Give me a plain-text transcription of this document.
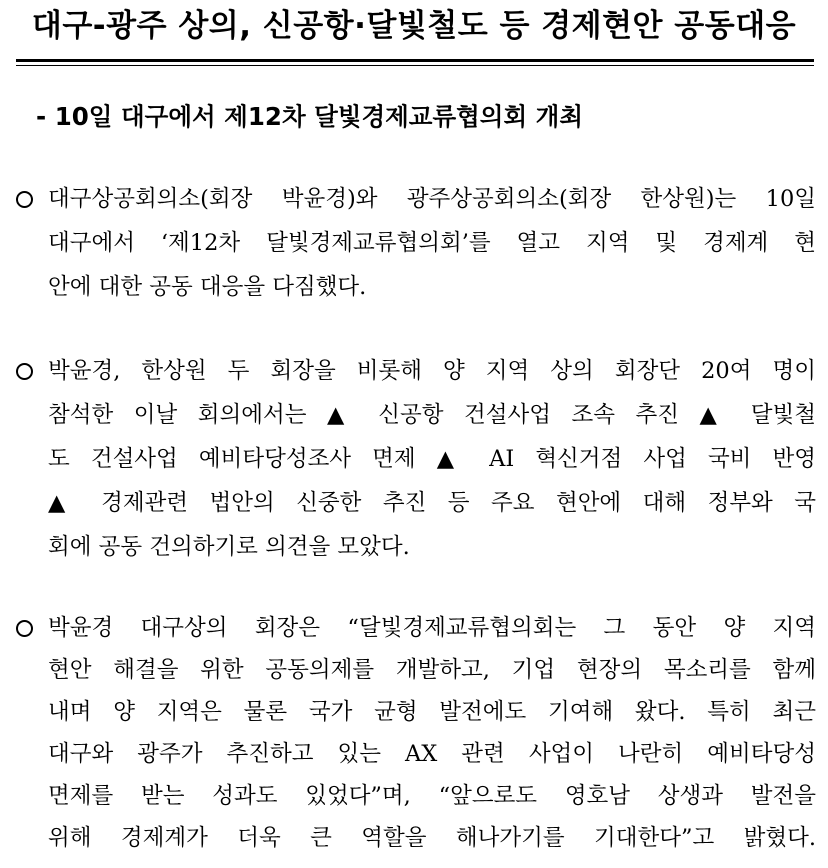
대구-광주 상의, 신공항·달빛철도 등 경제현안 공동대응
- 10일 대구에서 제12차 달빛경제교류협의회 개최
대구상공회의소(회장 박윤경)와 광주상공회의소(회장 한상원)는 10일
대구에서 ‘제12차 달빛경제교류협의회’를 열고 지역 및 경제계 현
안에 대한 공동 대응을 다짐했다.
박윤경, 한상원 두 회장을 비롯해 양 지역 상의 회장단 20여 명이
참석한 이날 회의에서는 ▲ 신공항 건설사업 조속 추진 ▲ 달빛철
도 건설사업 예비타당성조사 면제 ▲ AI 혁신거점 사업 국비 반영
▲ 경제관련 법안의 신중한 추진 등 주요 현안에 대해 정부와 국
회에 공동 건의하기로 의견을 모았다.
박윤경 대구상의 회장은 “달빛경제교류협의회는 그 동안 양 지역
현안 해결을 위한 공동의제를 개발하고, 기업 현장의 목소리를 함께
내며 양 지역은 물론 국가 균형 발전에도 기여해 왔다. 특히 최근
대구와 광주가 추진하고 있는 AX 관련 사업이 나란히 예비타당성
면제를 받는 성과도 있었다”며, “앞으로도 영호남 상생과 발전을
위해 경제계가 더욱 큰 역할을 해나가기를 기대한다”고 밝혔다.
